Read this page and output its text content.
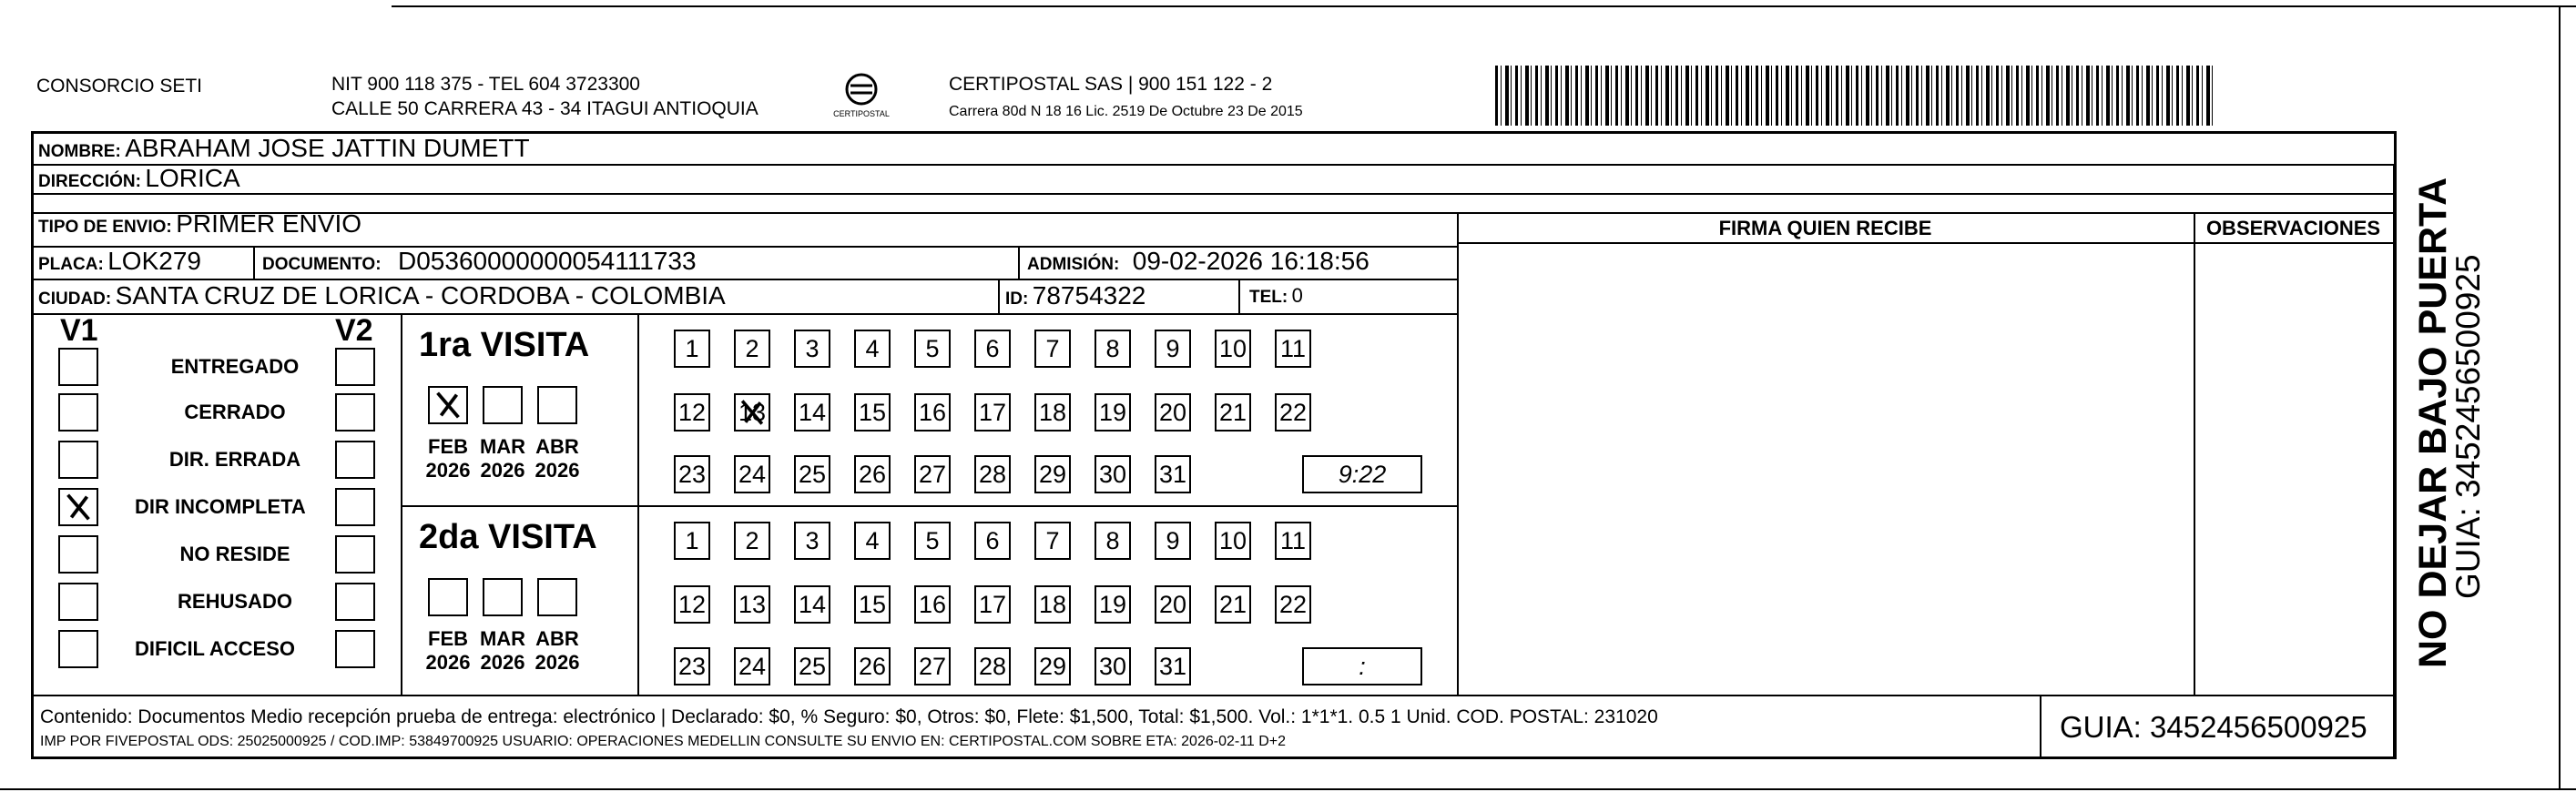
CONSORCIO SETI	NIT 900 118 375 - TEL 604 3723300
CALLE 50 CARRERA 43 - 34 ITAGUI ANTIOQUIA	CERTIPOSTAL
CERTIPOSTAL SAS | 900 151 122 - 2
Carrera 80d N 18 16 Lic. 2519 De Octubre 23 De 2015
NOMBRE: ABRAHAM JOSE JATTIN DUMETT
DIRECCIÓN: LORICA
TIPO DE ENVIO: PRIMER ENVIO
PLACA: LOK279	DOCUMENTO: D05360000000054111733	ADMISIÓN: 09-02-2026 16:18:56
CIUDAD: SANTA CRUZ DE LORICA - CORDOBA - COLOMBIA	ID: 78754322	TEL: 0
FIRMA QUIEN RECIBE	OBSERVACIONES
V1	V2
ENTREGADO
CERRADO
DIR. ERRADA
DIR INCOMPLETA
NO RESIDE
REHUSADO
DIFICIL ACCESO
1ra VISITA
FEB
2026
MAR
2026
ABR
2026
1	2	3	4	5	6	7	8	9	10 11
12 13 14 15 16 17 18 19 20 21 22
23 24 25 26 27 28 29 30 31	9:22
2da VISITA
FEB
2026
MAR
2026
ABR
2026
1	2	3	4	5	6	7	8	9	10 11
12 13 14 15 16 17 18 19 20 21 22
23 24 25 26 27 28 29 30 31	:
Contenido: Documentos Medio recepción prueba de entrega: electrónico | Declarado: $0, % Seguro: $0, Otros: $0, Flete: $1,500, Total: $1,500. Vol.: 1*1*1. 0.5 1 Unid. COD. POSTAL: 231020
IMP POR FIVEPOSTAL ODS: 25025000925 / COD.IMP: 53849700925 USUARIO: OPERACIONES MEDELLIN CONSULTE SU ENVIO EN: CERTIPOSTAL.COM SOBRE ETA: 2026-02-11 D+2	GUIA: 3452456500925
NO DEJAR BAJO PUERTA
GUIA: 3452456500925
